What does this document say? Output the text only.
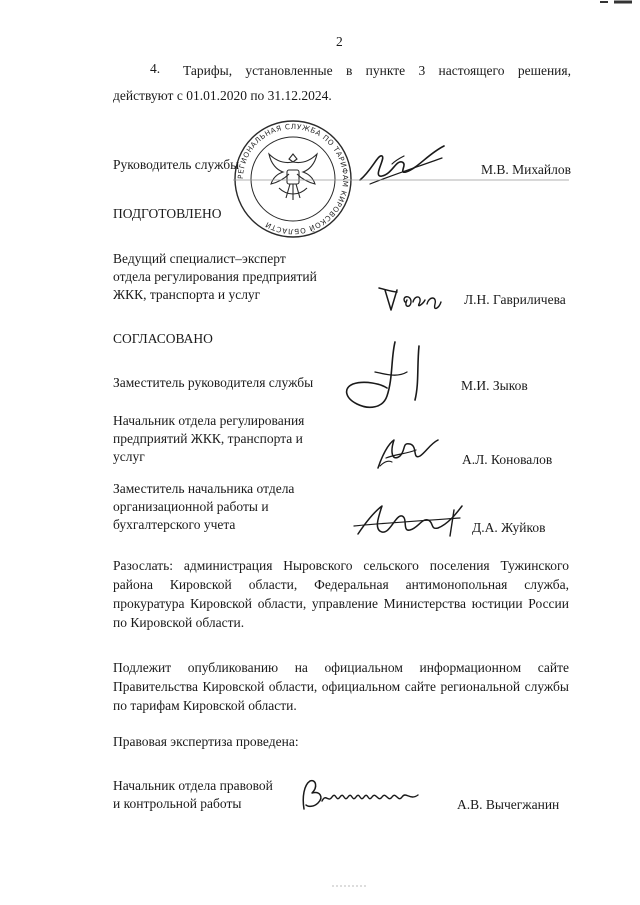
2
4. Тарифы, установленные в пункте 3 настоящего решения,
действуют с 01.01.2020 по 31.12.2024.
РЕГИОНАЛЬНАЯ СЛУЖБА ПО ТАРИФАМ КИРОВСКОЙ ОБЛАСТИ
Руководитель службы	М.В. Михайлов
ПОДГОТОВЛЕНО
Ведущий специалист–эксперт
отдела регулирования предприятий
ЖКК, транспорта и услуг	Л.Н. Гавриличева
СОГЛАСОВАНО
Заместитель руководителя службы	М.И. Зыков
Начальник отдела регулирования
предприятий ЖКК, транспорта и
услуг	А.Л. Коновалов
Заместитель начальника отдела
организационной работы и
бухгалтерского учета	Д.А. Жуйков
Разослать: администрация Ныровского сельского поселения Тужинского
района Кировской области, Федеральная антимонопольная служба,
прокуратура Кировской области, управление Министерства юстиции России
по Кировской области.
Подлежит опубликованию на официальном информационном сайте
Правительства Кировской области, официальном сайте региональной службы
по тарифам Кировской области.
Правовая экспертиза проведена:
Начальник отдела правовой
и контрольной работы	А.В. Вычегжанин
